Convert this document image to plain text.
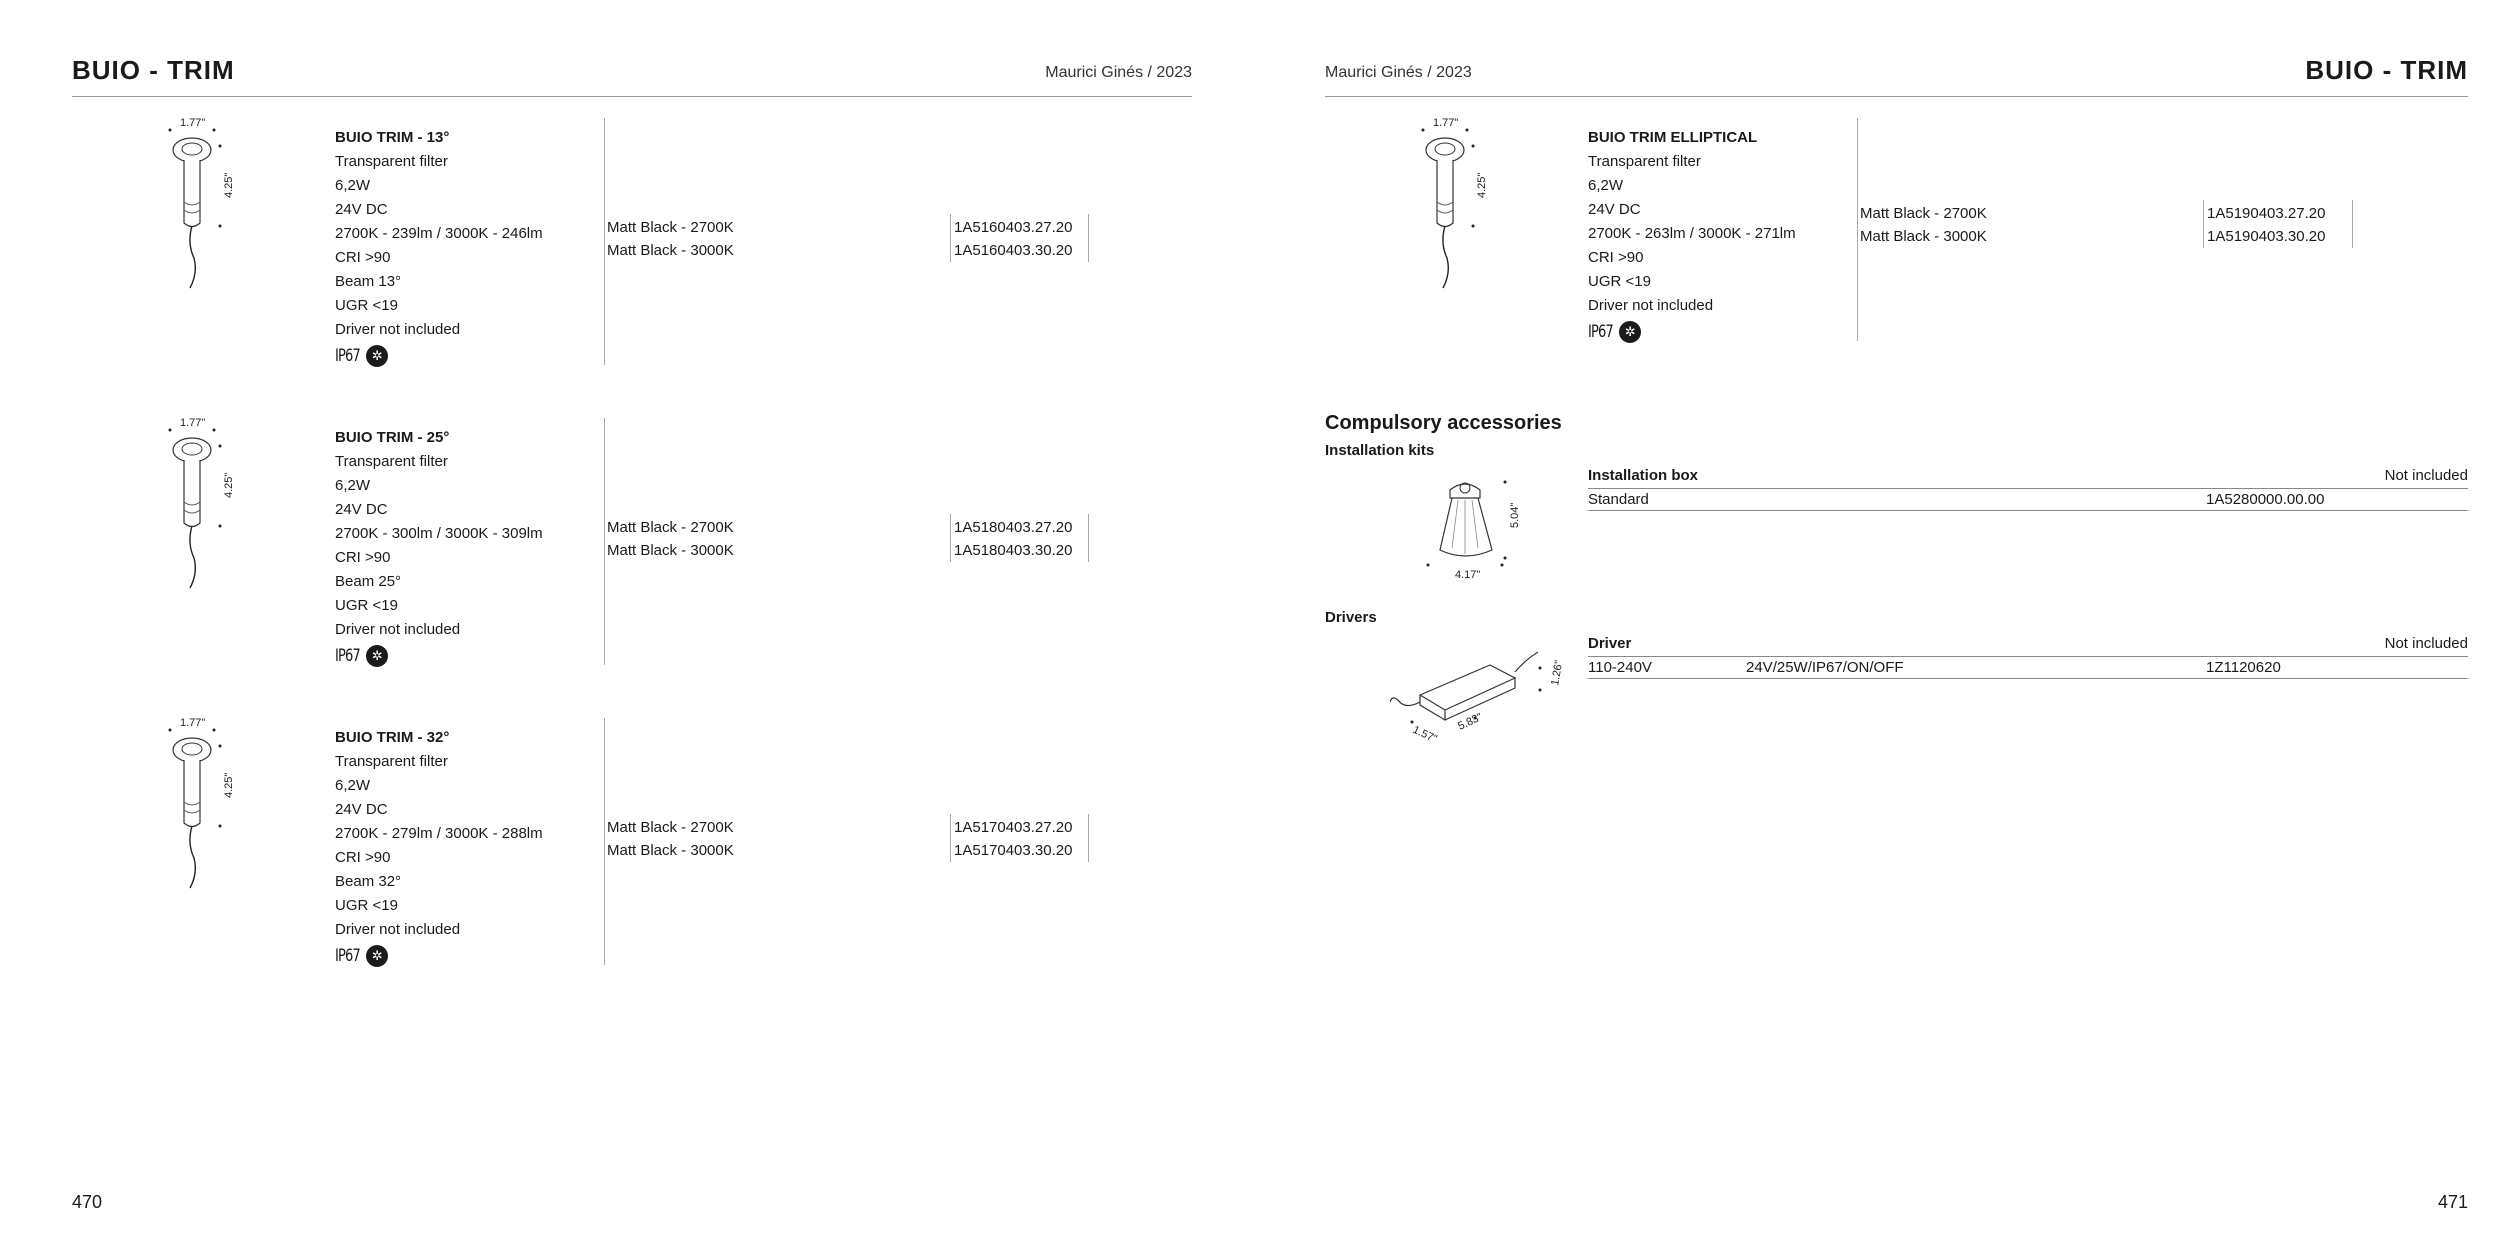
BUIO - TRIM	Maurici Ginés / 2023
1.77"
4.25"
BUIO TRIM - 13°
Transparent filter
6,2W
24V DC
2700K - 239lm / 3000K - 246lm
CRI >90
Beam 13°
UGR <19
Driver not included
IP67 ✲
Matt Black - 2700K	1A5160403.27.20
Matt Black - 3000K	1A5160403.30.20
1.77"
4.25"
BUIO TRIM - 25°
Transparent filter
6,2W
24V DC
2700K - 300lm / 3000K - 309lm
CRI >90
Beam 25°
UGR <19
Driver not included
IP67 ✲
Matt Black - 2700K	1A5180403.27.20
Matt Black - 3000K	1A5180403.30.20
1.77"
4.25"
BUIO TRIM - 32°
Transparent filter
6,2W
24V DC
2700K - 279lm / 3000K - 288lm
CRI >90
Beam 32°
UGR <19
Driver not included
IP67 ✲
Matt Black - 2700K	1A5170403.27.20
Matt Black - 3000K	1A5170403.30.20
470
Maurici Ginés / 2023	BUIO - TRIM
1.77"
4.25"
BUIO TRIM ELLIPTICAL
Transparent filter
6,2W
24V DC
2700K - 263lm / 3000K - 271lm
CRI >90
UGR <19
Driver not included
IP67 ✲
Matt Black - 2700K	1A5190403.27.20
Matt Black - 3000K	1A5190403.30.20
Compulsory accessories
Installation kits
5.04"
4.17"
Installation box	Not included
Standard	1A5280000.00.00
Drivers
1.26"
1.57"
5.83"
Driver	Not included
110-240V	24V/25W/IP67/ON/OFF	1Z1120620
471
